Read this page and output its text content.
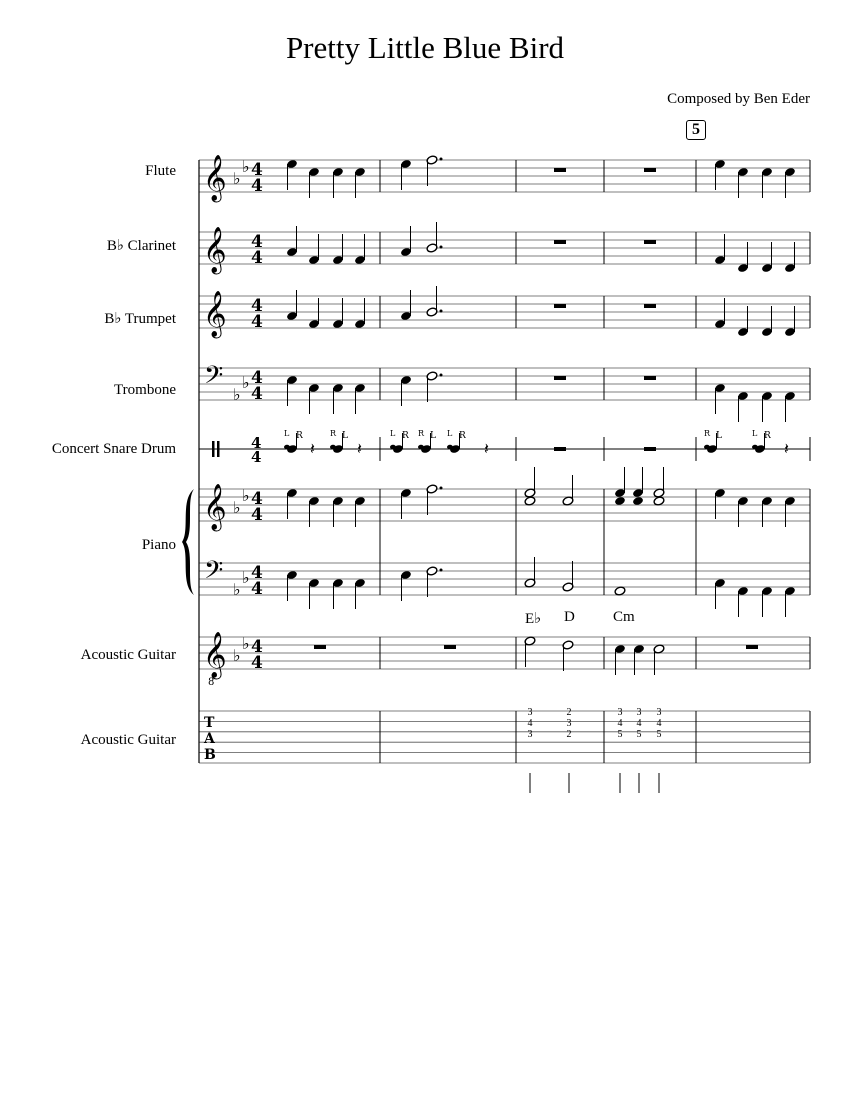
Pretty Little Blue Bird
Composed by Ben Eder
5
Flute
B♭ Clarinet
B♭ Trumpet
Trombone
Concert Snare Drum
Piano
Acoustic Guitar
Acoustic Guitar
E♭ D	Cm
𝄞 ♭
♭ 4
4
𝄞 4
4
𝄞 4
4
𝄢 ♭
♭ 4
4
4
4
𝄞 ♭
♭ 4
4
𝄢 ♭
♭ 4
4
𝄞
8
♭
♭ 4
4
T
A
B
𝄽	𝄽	𝄽	𝄽
3
4
3
2
3
2
3
4
5
3
4
5
3
4
5
L R	R L	L R R L L R	R L	L R
